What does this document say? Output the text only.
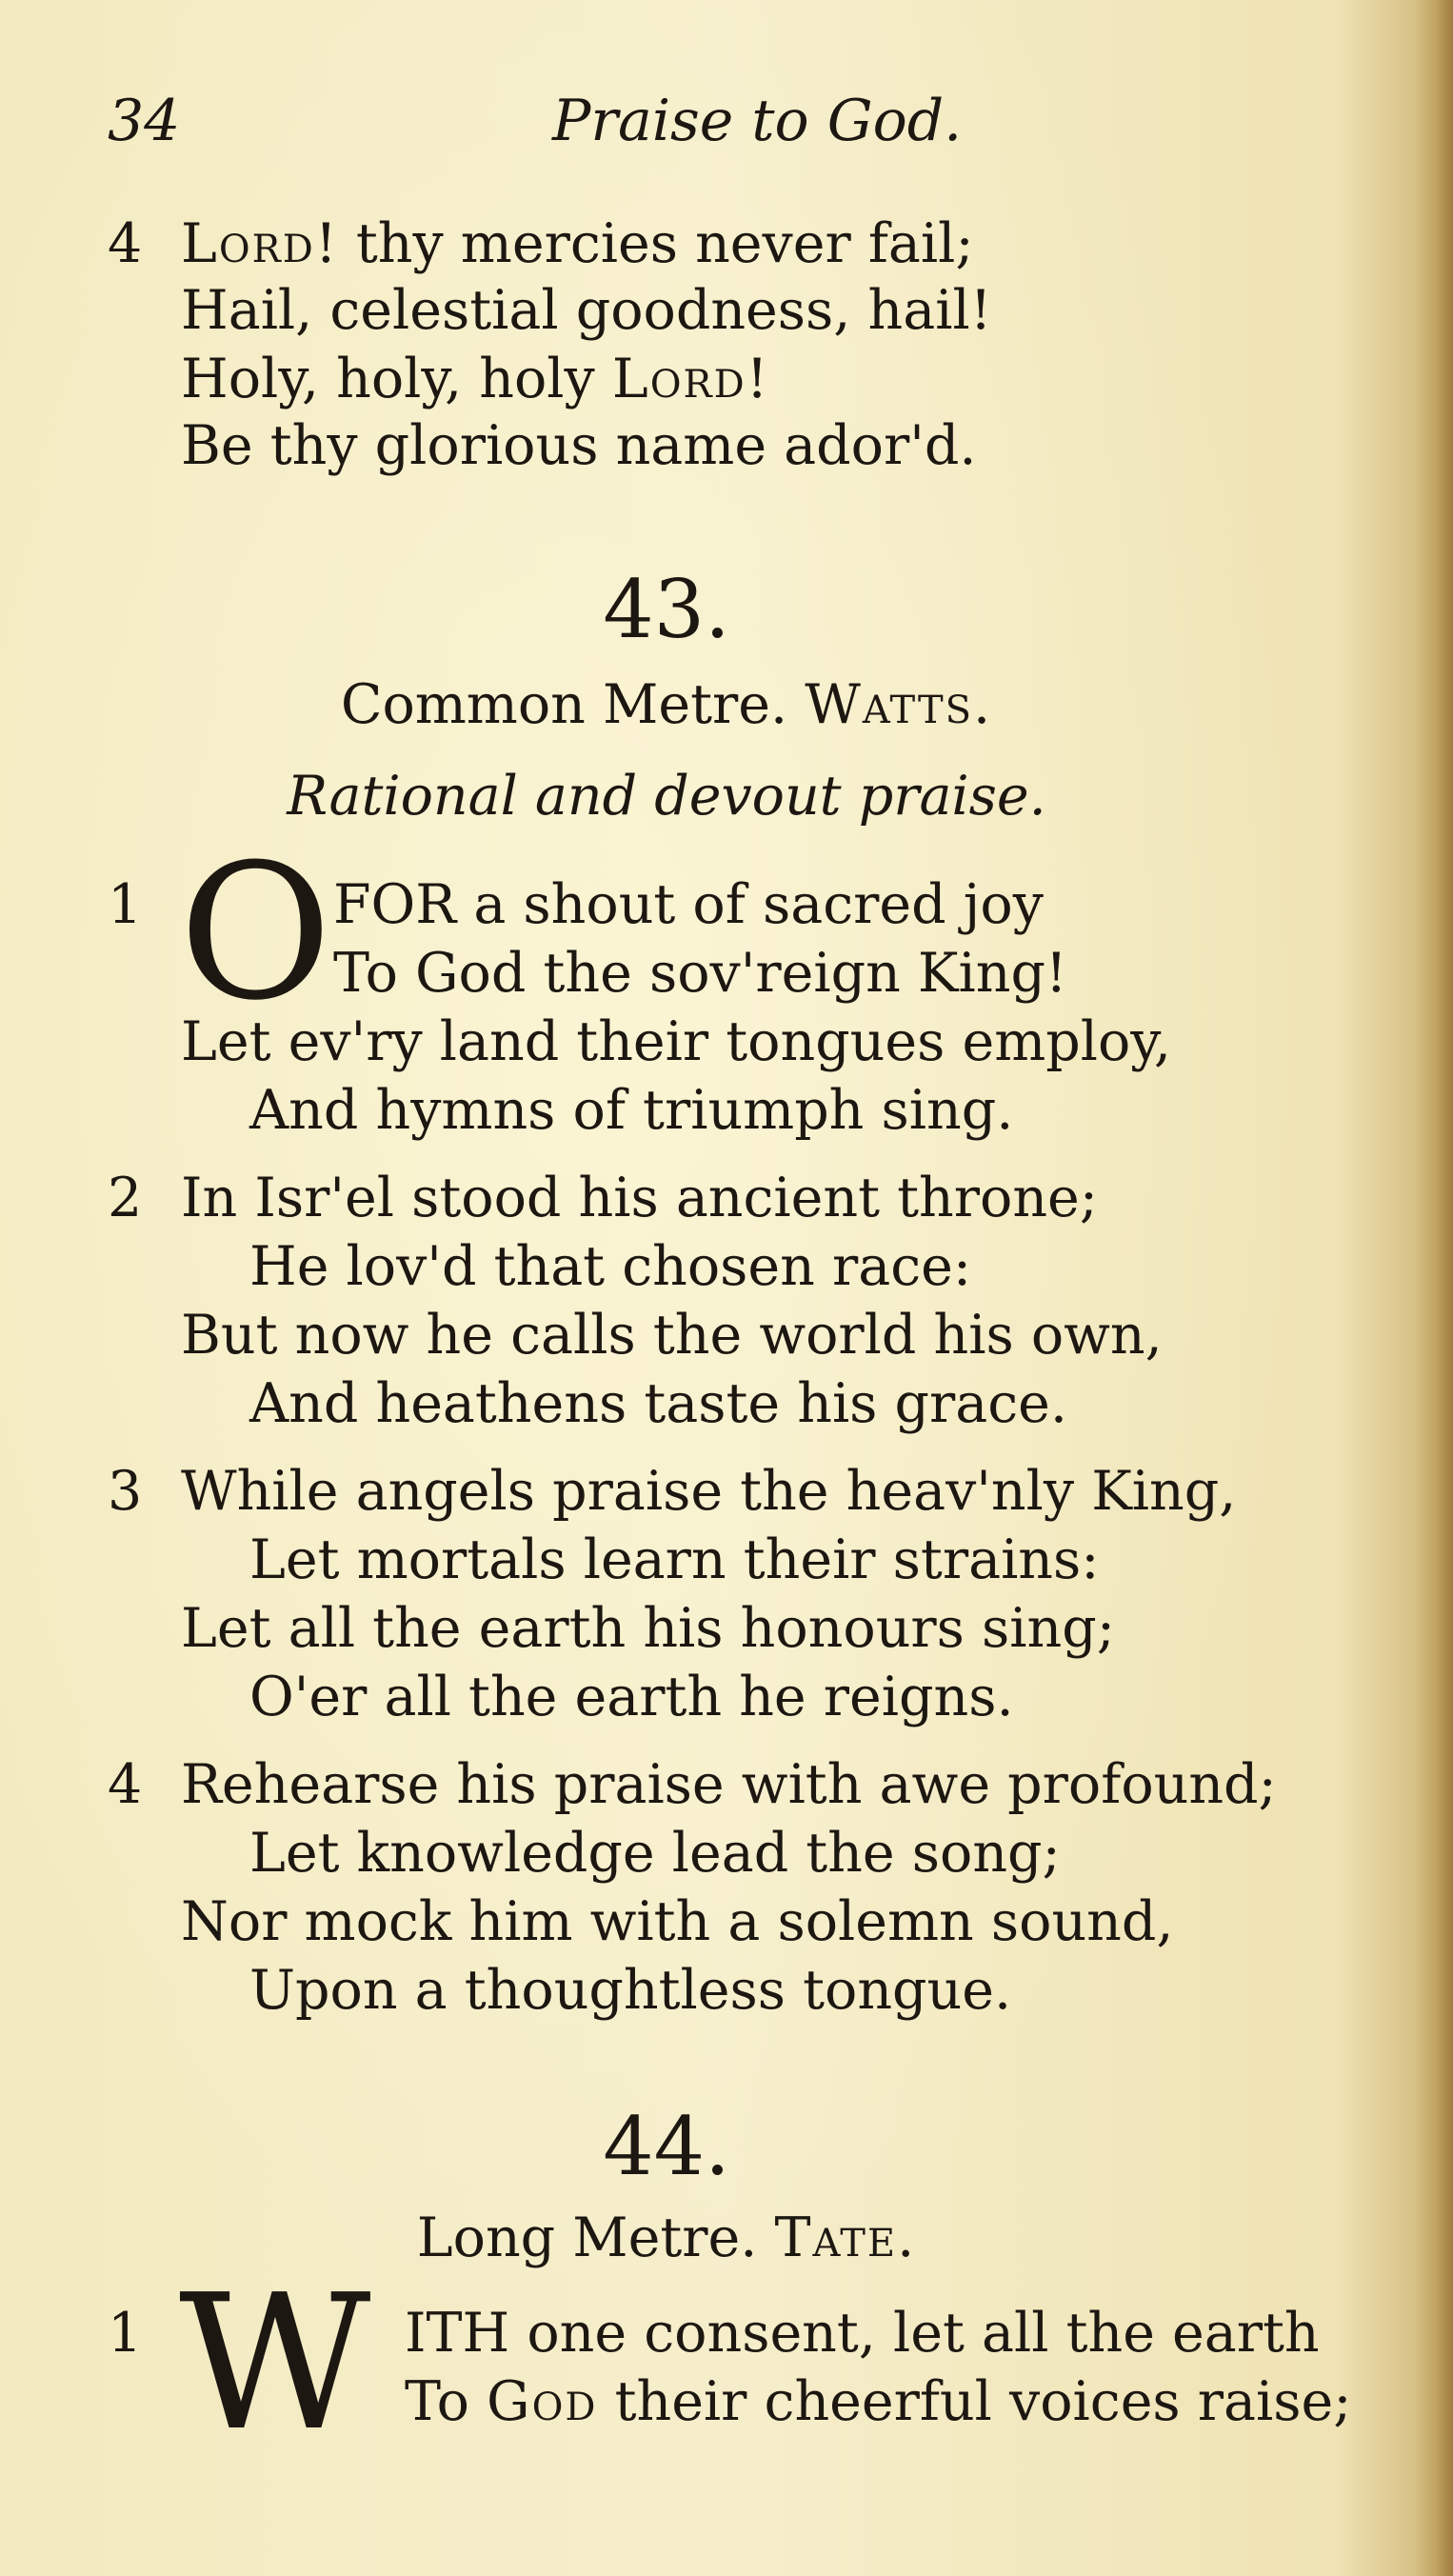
34	Praise to God.
4 Lord! thy mercies never fail;
Hail, celestial goodness, hail!
Holy, holy, holy Lord!
Be thy glorious name ador'd.
43.
Common Metre. Watts.
Rational and devout praise.
1 O FOR a shout of sacred joy
To God the sov'reign King!
Let ev'ry land their tongues employ,
And hymns of triumph sing.
2 In Isr'el stood his ancient throne;
He lov'd that chosen race:
But now he calls the world his own,
And heathens taste his grace.
3 While angels praise the heav'nly King,
Let mortals learn their strains:
Let all the earth his honours sing;
O'er all the earth he reigns.
4 Rehearse his praise with awe profound;
Let knowledge lead the song;
Nor mock him with a solemn sound,
Upon a thoughtless tongue.
44.
Long Metre. Tate.
1 W ITH one consent, let all the earth
To God their cheerful voices raise;
